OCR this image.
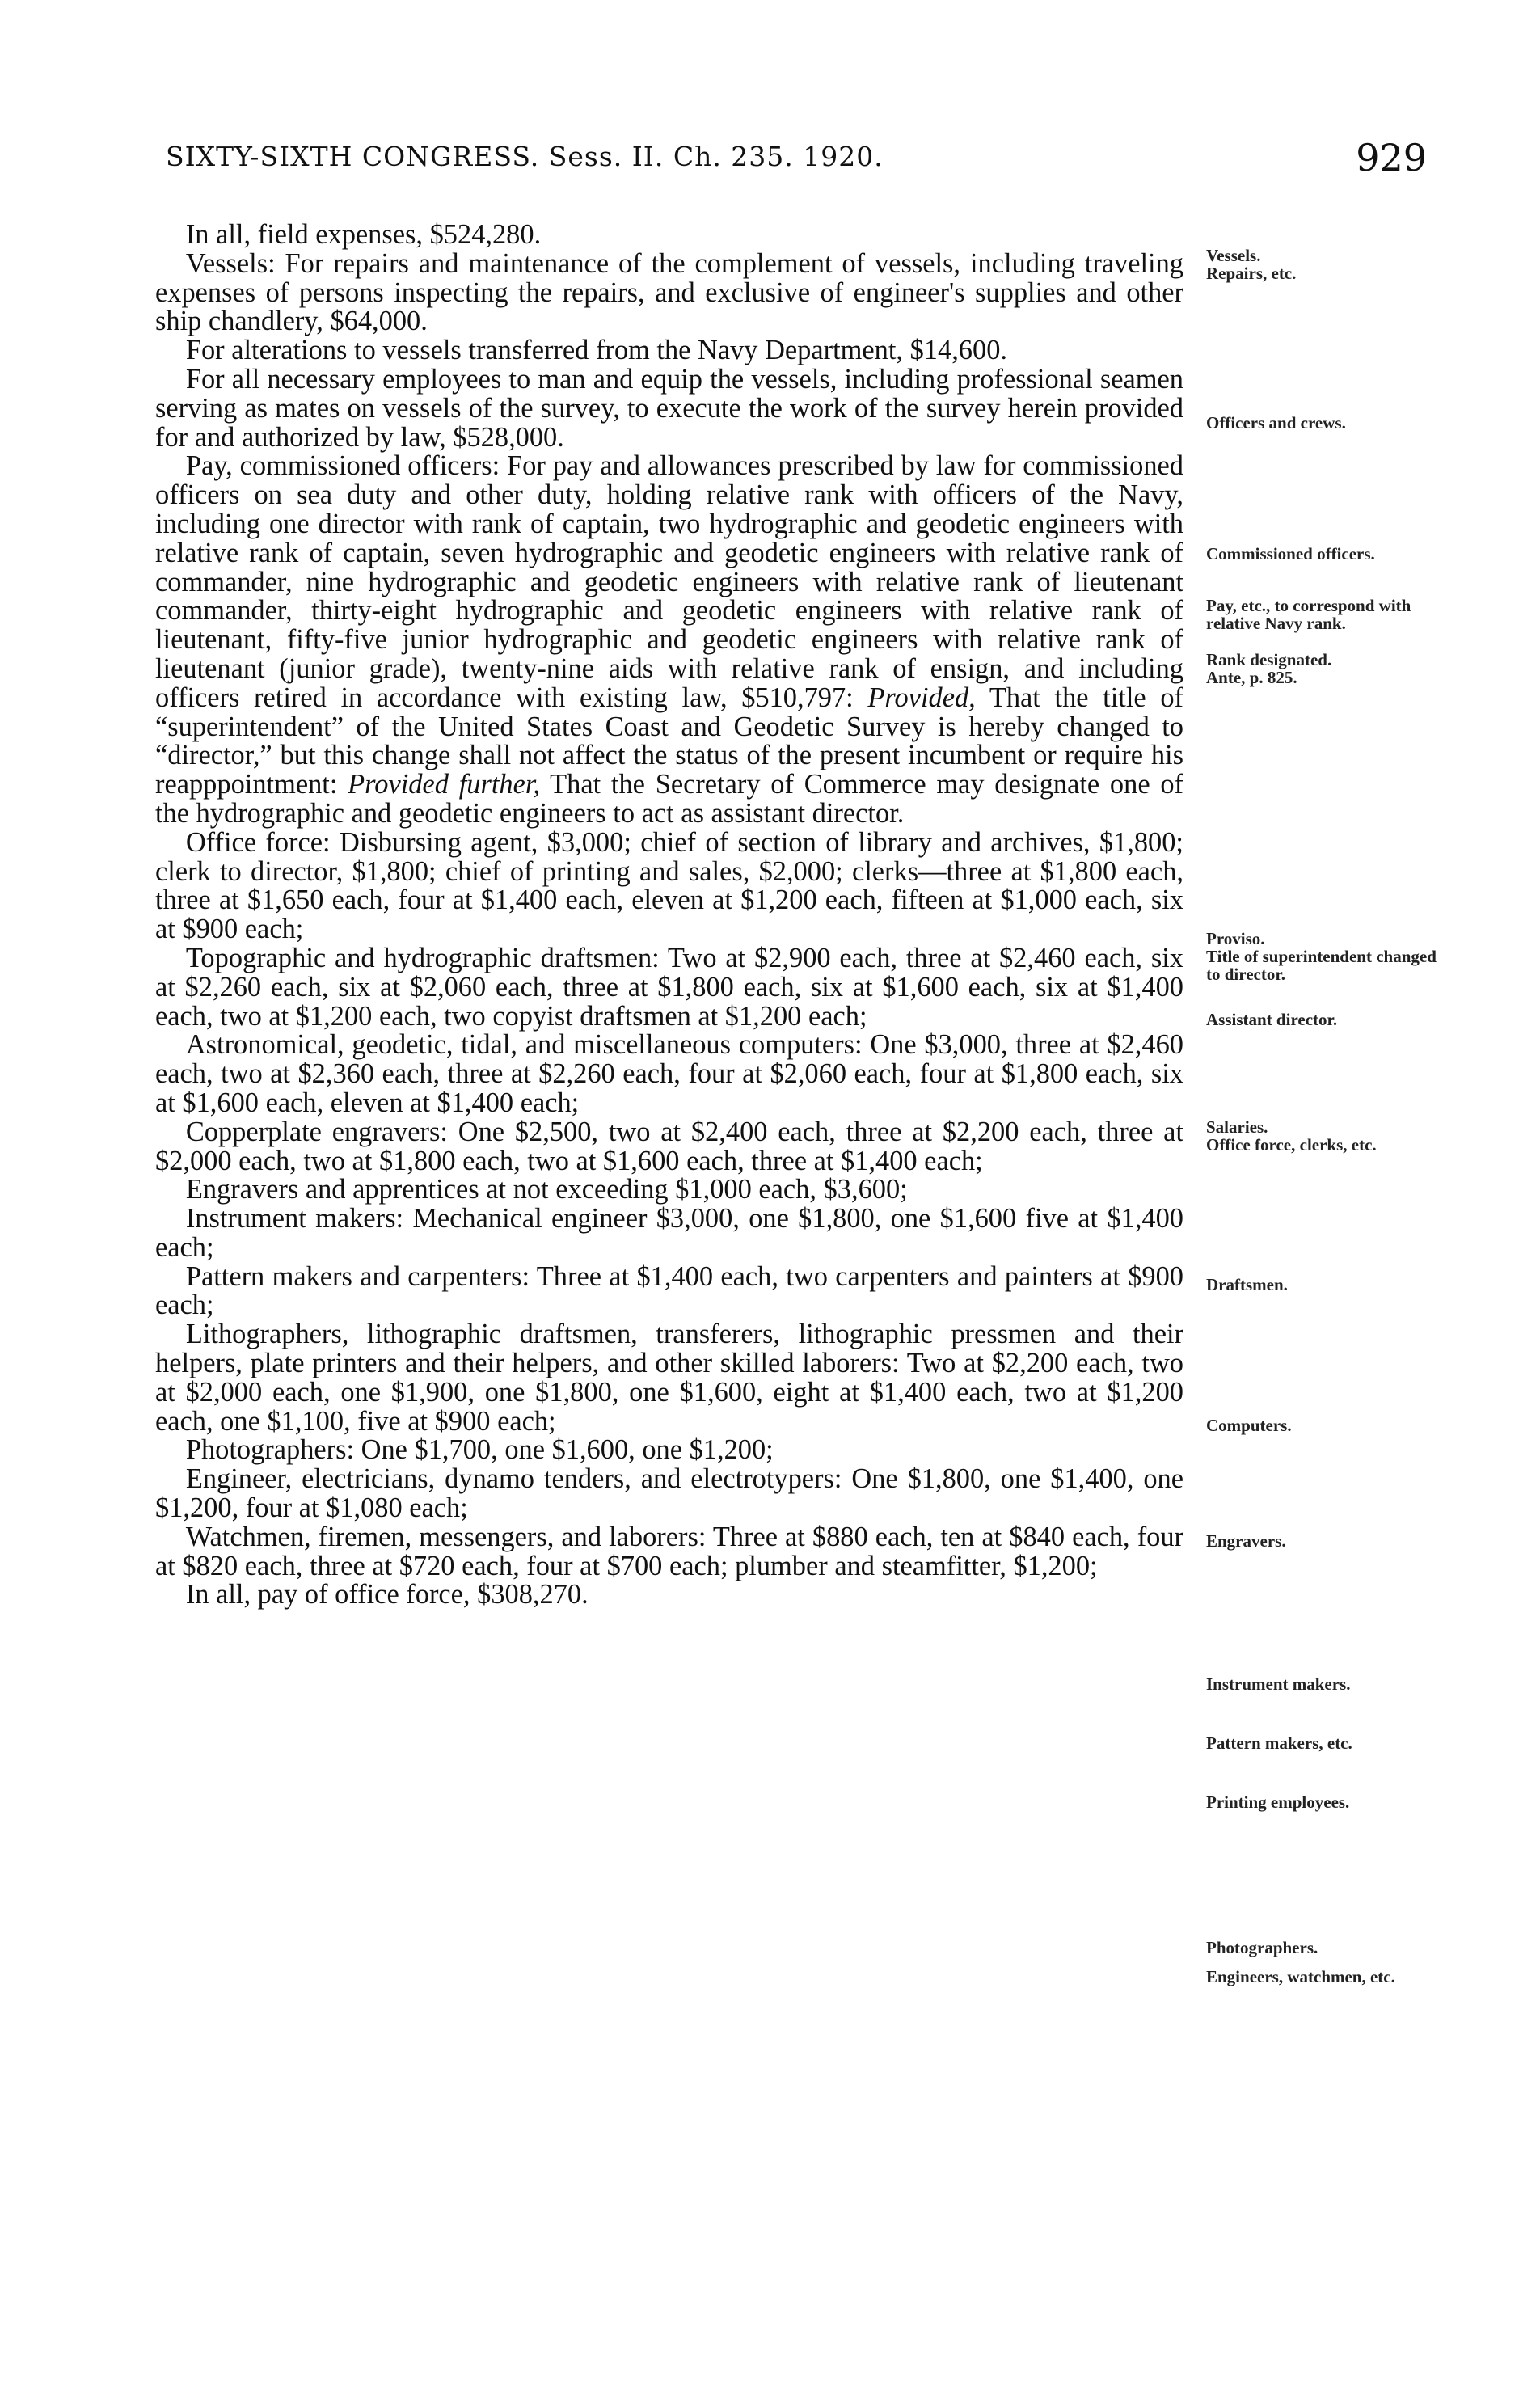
SIXTY-SIXTH CONGRESS. Sess. II. Ch. 235. 1920.	929

In all, field expenses, $524,280.

Vessels: For repairs and maintenance of the complement of vessels, including traveling expenses of persons inspecting the repairs, and exclusive of engineer's supplies and other ship chandlery, $64,000.

For alterations to vessels transferred from the Navy Department, $14,600.

For all necessary employees to man and equip the vessels, including professional seamen serving as mates on vessels of the survey, to execute the work of the survey herein provided for and authorized by law, $528,000.

Pay, commissioned officers: For pay and allowances prescribed by law for commissioned officers on sea duty and other duty, holding relative rank with officers of the Navy, including one director with rank of captain, two hydrographic and geodetic engineers with relative rank of captain, seven hydrographic and geodetic engineers with relative rank of commander, nine hydrographic and geodetic engineers with relative rank of lieutenant commander, thirty-eight hydrographic and geodetic engineers with relative rank of lieutenant, fifty-five junior hydrographic and geodetic engineers with relative rank of lieutenant (junior grade), twenty-nine aids with relative rank of ensign, and including officers retired in accordance with existing law, $510,797: Provided, That the title of “superintendent” of the United States Coast and Geodetic Survey is hereby changed to “director,” but this change shall not affect the status of the present incumbent or require his reapppointment: Provided further, That the Secretary of Commerce may designate one of the hydrographic and geodetic engineers to act as assistant director.

Office force: Disbursing agent, $3,000; chief of section of library and archives, $1,800; clerk to director, $1,800; chief of printing and sales, $2,000; clerks—three at $1,800 each, three at $1,650 each, four at $1,400 each, eleven at $1,200 each, fifteen at $1,000 each, six at $900 each;

Topographic and hydrographic draftsmen: Two at $2,900 each, three at $2,460 each, six at $2,260 each, six at $2,060 each, three at $1,800 each, six at $1,600 each, six at $1,400 each, two at $1,200 each, two copyist draftsmen at $1,200 each;

Astronomical, geodetic, tidal, and miscellaneous computers: One $3,000, three at $2,460 each, two at $2,360 each, three at $2,260 each, four at $2,060 each, four at $1,800 each, six at $1,600 each, eleven at $1,400 each;

Copperplate engravers: One $2,500, two at $2,400 each, three at $2,200 each, three at $2,000 each, two at $1,800 each, two at $1,600 each, three at $1,400 each;

Engravers and apprentices at not exceeding $1,000 each, $3,600;

Instrument makers: Mechanical engineer $3,000, one $1,800, one $1,600 five at $1,400 each;

Pattern makers and carpenters: Three at $1,400 each, two carpenters and painters at $900 each;

Lithographers, lithographic draftsmen, transferers, lithographic pressmen and their helpers, plate printers and their helpers, and other skilled laborers: Two at $2,200 each, two at $2,000 each, one $1,900, one $1,800, one $1,600, eight at $1,400 each, two at $1,200 each, one $1,100, five at $900 each;

Photographers: One $1,700, one $1,600, one $1,200;

Engineer, electricians, dynamo tenders, and electrotypers: One $1,800, one $1,400, one $1,200, four at $1,080 each;

Watchmen, firemen, messengers, and laborers: Three at $880 each, ten at $840 each, four at $820 each, three at $720 each, four at $700 each; plumber and steamfitter, $1,200;

In all, pay of office force, $308,270.

Vessels.
Repairs, etc.
Officers and crews.
Commissioned officers.
Pay, etc., to correspond with relative Navy rank.
Rank designated.
Ante, p. 825.
Proviso.
Title of superintendent changed to director.
Assistant director.
Salaries.
Office force, clerks, etc.
Draftsmen.
Computers.
Engravers.
Instrument makers.
Pattern makers, etc.
Printing employees.
Photographers.
Engineers, watchmen, etc.
